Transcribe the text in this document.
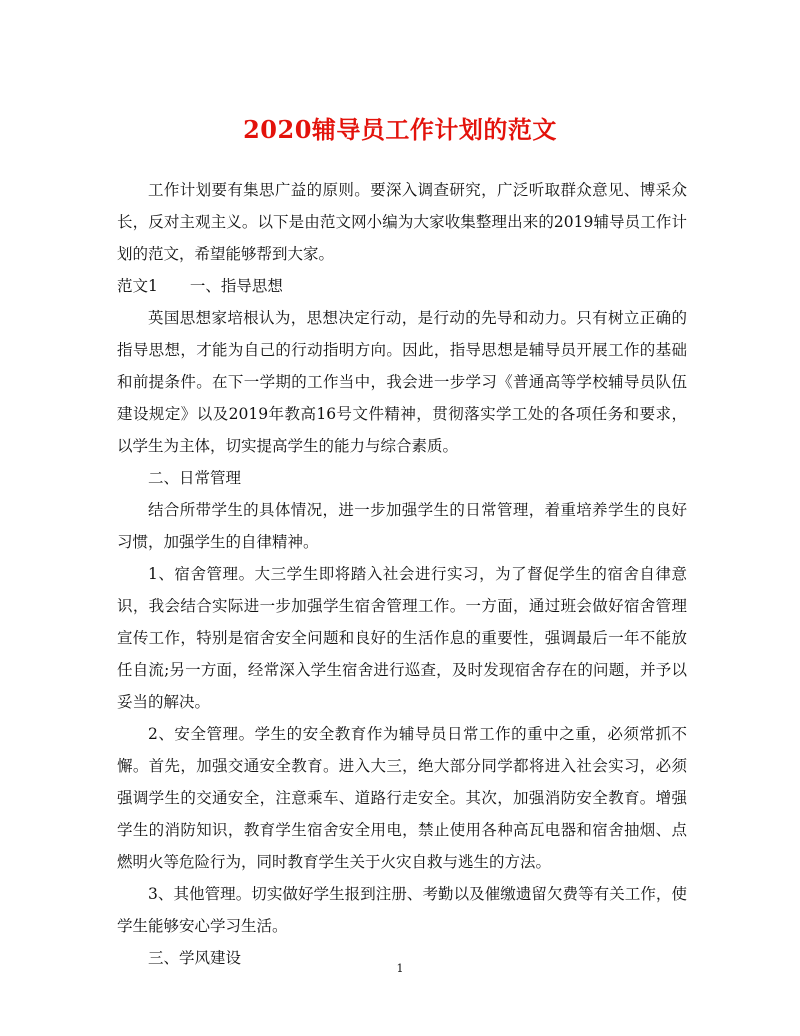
2020辅导员工作计划的范文

工作计划要有集思广益的原则。要深入调查研究，广泛听取群众意见、博采众长，反对主观主义。以下是由范文网小编为大家收集整理出来的2019辅导员工作计划的范文，希望能够帮到大家。

范文1 一、指导思想

英国思想家培根认为，思想决定行动，是行动的先导和动力。只有树立正确的指导思想，才能为自己的行动指明方向。因此，指导思想是辅导员开展工作的基础和前提条件。在下一学期的工作当中，我会进一步学习《普通高等学校辅导员队伍建设规定》以及2019年教高16号文件精神，贯彻落实学工处的各项任务和要求，以学生为主体，切实提高学生的能力与综合素质。

二、日常管理

结合所带学生的具体情况，进一步加强学生的日常管理，着重培养学生的良好习惯，加强学生的自律精神。

1、宿舍管理。大三学生即将踏入社会进行实习，为了督促学生的宿舍自律意识，我会结合实际进一步加强学生宿舍管理工作。一方面，通过班会做好宿舍管理宣传工作，特别是宿舍安全问题和良好的生活作息的重要性，强调最后一年不能放任自流;另一方面，经常深入学生宿舍进行巡查，及时发现宿舍存在的问题，并予以妥当的解决。

2、安全管理。学生的安全教育作为辅导员日常工作的重中之重，必须常抓不懈。首先，加强交通安全教育。进入大三，绝大部分同学都将进入社会实习，必须强调学生的交通安全，注意乘车、道路行走安全。其次，加强消防安全教育。增强学生的消防知识，教育学生宿舍安全用电，禁止使用各种高瓦电器和宿舍抽烟、点燃明火等危险行为，同时教育学生关于火灾自救与逃生的方法。

3、其他管理。切实做好学生报到注册、考勤以及催缴遗留欠费等有关工作，使学生能够安心学习生活。

三、学风建设

1
